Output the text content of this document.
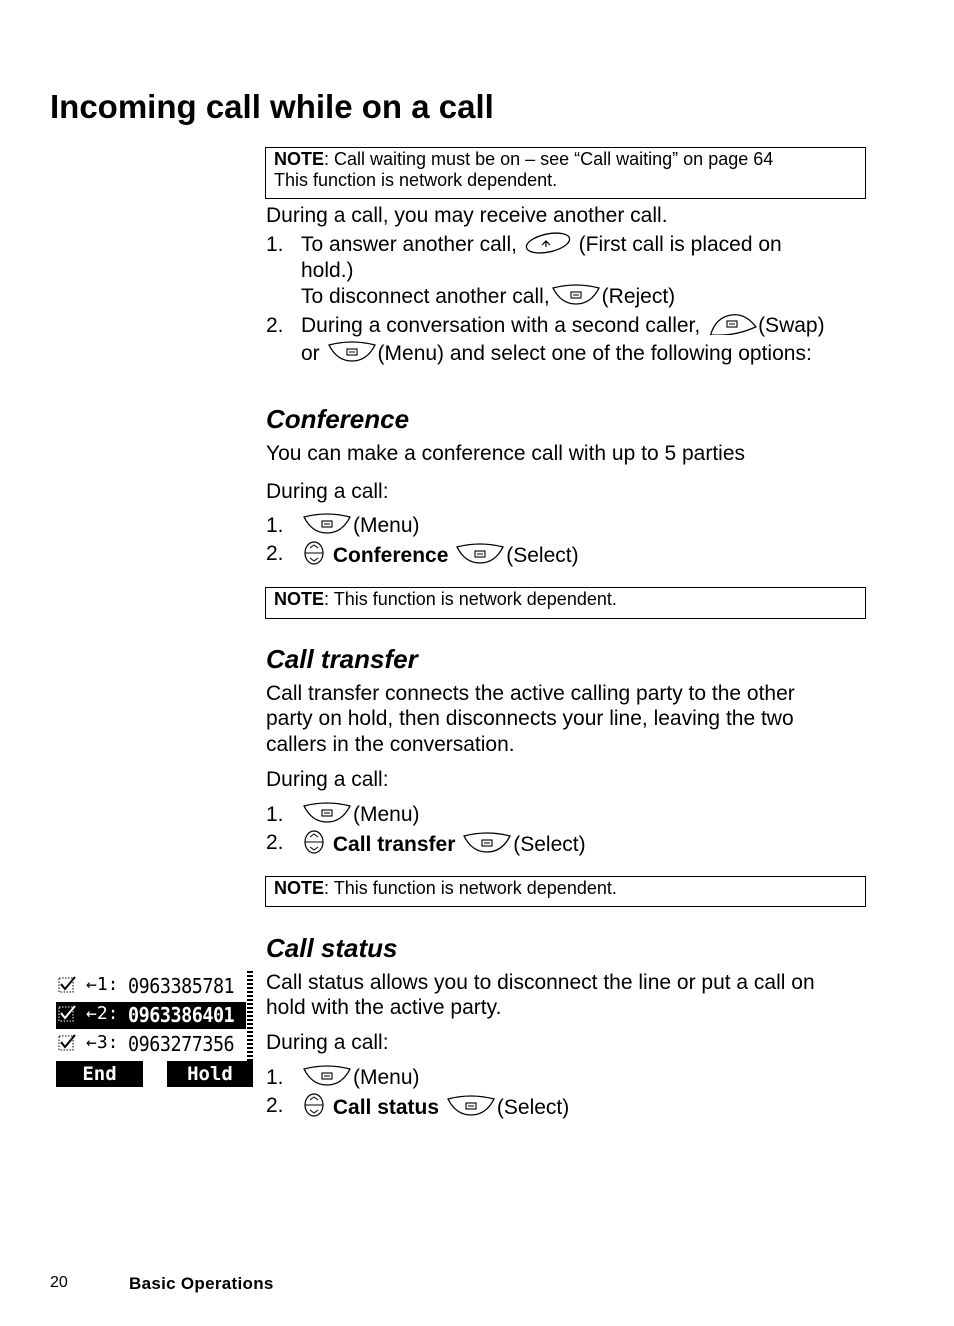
Incoming call while on a call
NOTE: Call waiting must be on – see “Call waiting” on page 64
This function is network dependent.
During a call, you may receive another call.
1. To answer another call,	(First call is placed on
hold.)
To disconnect another call, (Reject)
2. During a conversation with a second caller,	(Swap)
or	(Menu) and select one of the following options:
Conference
You can make a conference call with up to 5 parties
During a call:
1.	(Menu)
2.	Conference	(Select)
NOTE: This function is network dependent.
Call transfer
Call transfer connects the active calling party to the other
party on hold, then disconnects your line, leaving the two
callers in the conversation.
During a call:
1.	(Menu)
2.	Call transfer	(Select)
NOTE: This function is network dependent.
Call status
Call status allows you to disconnect the line or put a call on
hold with the active party.
During a call:
1.	(Menu)
2.	Call status	(Select)
←1: 0963385781
←2: 0963386401
←3: 0963277356
End	Hold
20	Basic Operations
